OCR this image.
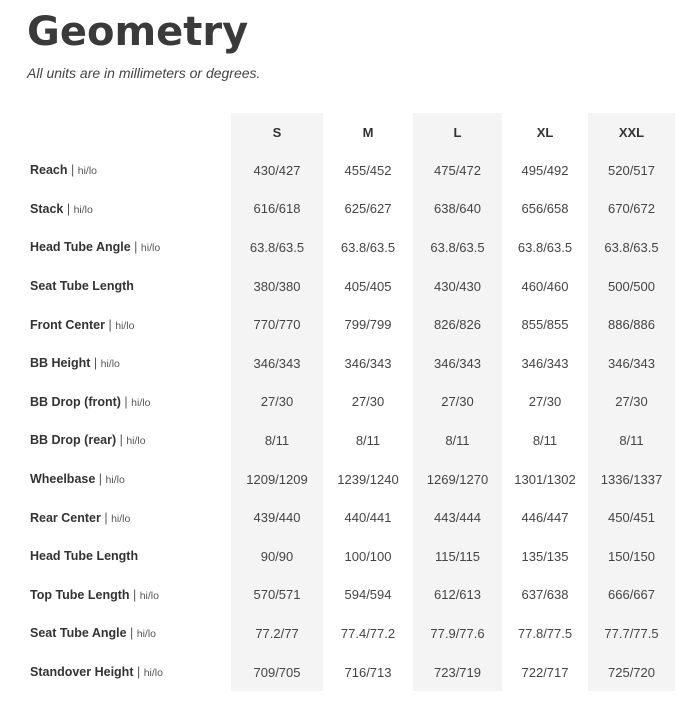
Geometry

All units are in millimeters or degrees.

	S	M	L	XL	XXL
Reach | hi/lo	430/427	455/452	475/472	495/492	520/517
Stack | hi/lo	616/618	625/627	638/640	656/658	670/672
Head Tube Angle | hi/lo	63.8/63.5	63.8/63.5	63.8/63.5	63.8/63.5	63.8/63.5
Seat Tube Length	380/380	405/405	430/430	460/460	500/500
Front Center | hi/lo	770/770	799/799	826/826	855/855	886/886
BB Height | hi/lo	346/343	346/343	346/343	346/343	346/343
BB Drop (front) | hi/lo	27/30	27/30	27/30	27/30	27/30
BB Drop (rear) | hi/lo	8/11	8/11	8/11	8/11	8/11
Wheelbase | hi/lo	1209/1209	1239/1240	1269/1270	1301/1302	1336/1337
Rear Center | hi/lo	439/440	440/441	443/444	446/447	450/451
Head Tube Length	90/90	100/100	115/115	135/135	150/150
Top Tube Length | hi/lo	570/571	594/594	612/613	637/638	666/667
Seat Tube Angle | hi/lo	77.2/77	77.4/77.2	77.9/77.6	77.8/77.5	77.7/77.5
Standover Height | hi/lo	709/705	716/713	723/719	722/717	725/720
